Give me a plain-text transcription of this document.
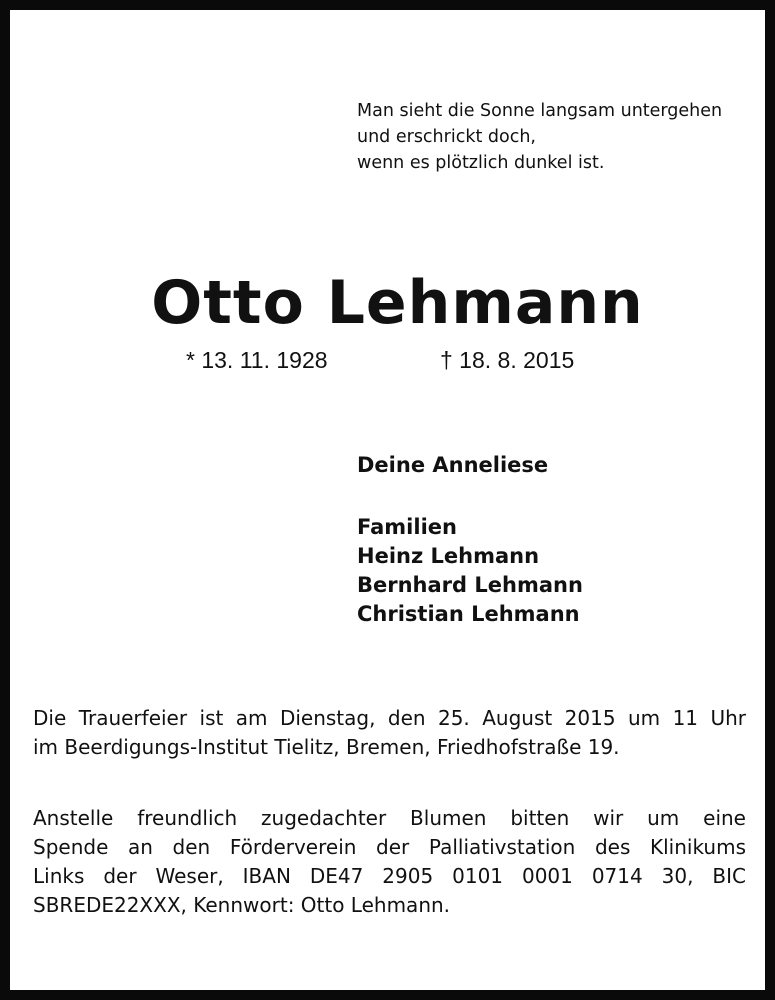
Man sieht die Sonne langsam untergehen
und erschrickt doch,
wenn es plötzlich dunkel ist.
Otto Lehmann
* 13. 11. 1928	† 18. 8. 2015
Deine Anneliese
Familien
Heinz Lehmann
Bernhard Lehmann
Christian Lehmann
Die Trauerfeier ist am Dienstag, den 25. August 2015 um 11 Uhr
im Beerdigungs-Institut Tielitz, Bremen, Friedhofstraße 19.
Anstelle freundlich zugedachter Blumen bitten wir um eine
Spende an den Förderverein der Palliativstation des Klinikums
Links der Weser, IBAN DE47 2905 0101 0001 0714 30, BIC
SBREDE22XXX, Kennwort: Otto Lehmann.
